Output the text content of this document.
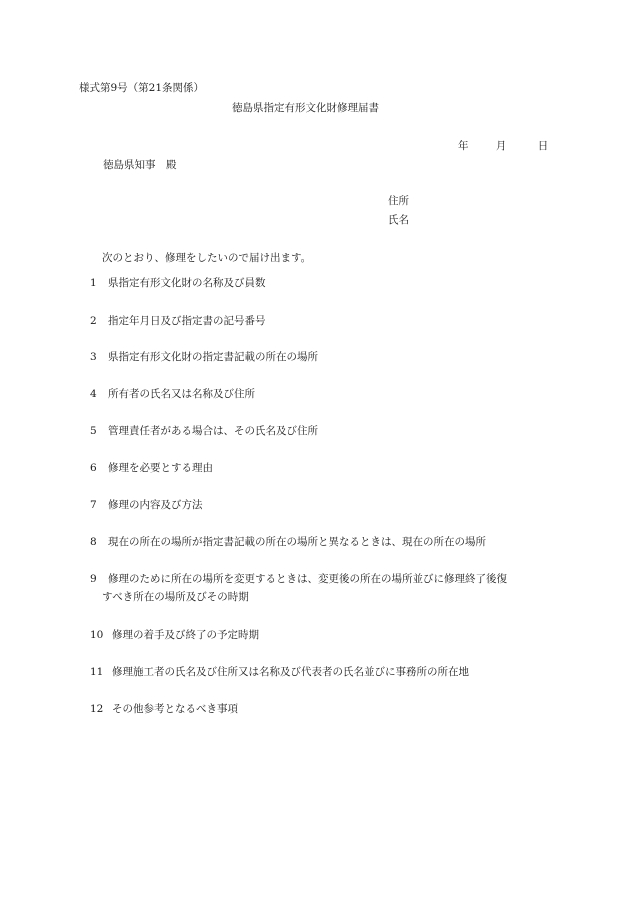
様式第9号（第21条関係）
徳島県指定有形文化財修理届書
年	月	日
徳島県知事　殿
住所
氏名
次のとおり、修理をしたいので届け出ます。
1 県指定有形文化財の名称及び員数
2 指定年月日及び指定書の記号番号
3 県指定有形文化財の指定書記載の所在の場所
4 所有者の氏名又は名称及び住所
5 管理責任者がある場合は、その氏名及び住所
6 修理を必要とする理由
7 修理の内容及び方法
8 現在の所在の場所が指定書記載の所在の場所と異なるときは、現在の所在の場所
9 修理のために所在の場所を変更するときは、変更後の所在の場所並びに修理終了後復
すべき所在の場所及びその時期
10 修理の着手及び終了の予定時期
11 修理施工者の氏名及び住所又は名称及び代表者の氏名並びに事務所の所在地
12 その他参考となるべき事項
